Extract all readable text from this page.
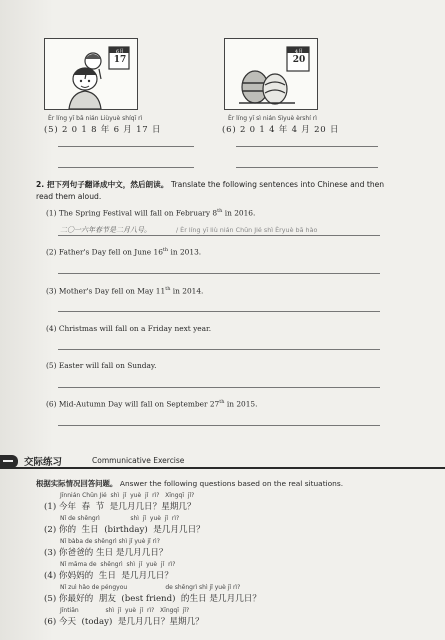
6月
17
Èr líng yī bā nián Liùyuè shíqī rì
(5) 2 0 1 8 年 6 月 17 日
4月
20
Èr líng yī sì nián Sìyuè èrshí rì
(6) 2 0 1 4 年 4 月 20 日
2. 把下列句子翻译成中文，然后朗读。 Translate the following sentences into Chinese and then
read them aloud.
(1) The Spring Festival will fall on February 8th in 2016.
二〇一六年春节是二月八号。	/ Èr líng yī liù nián Chūn Jié shì Èryuè bā hào
(2) Father's Day fell on June 16th in 2013.
(3) Mother's Day fell on May 11th in 2014.
(4) Christmas will fall on a Friday next year.
(5) Easter will fall on Sunday.
(6) Mid-Autumn Day will fall on September 27th in 2015.
交际练习	Communicative Exercise
根据实际情况回答问题。 Answer the following questions based on the real situations.
Jīnnián Chūn Jié  shì  jǐ  yuè  jǐ  rì?   Xīngqī  jǐ?
(1) 今年  春  节  是几月几日？星期几？
Nǐ de shēngrì                shì  jǐ  yuè  jǐ  rì?
(2) 你的  生日  (birthday)  是几月几日？
Nǐ bàba de shēngrì shì jǐ yuè jǐ rì?
(3) 你爸爸的 生日 是几月几日？
Nǐ māma de  shēngrì  shì  jǐ  yuè  jǐ  rì?
(4) 你妈妈的  生日  是几月几日？
Nǐ zuì hǎo de péngyou                    de shēngrì shì jǐ yuè jǐ rì?
(5) 你最好的  朋友  (best friend)  的生日 是几月几日？
Jīntiān              shì  jǐ  yuè  jǐ  rì?   Xīngqī  jǐ?
(6) 今天  (today)  是几月几日？星期几？
